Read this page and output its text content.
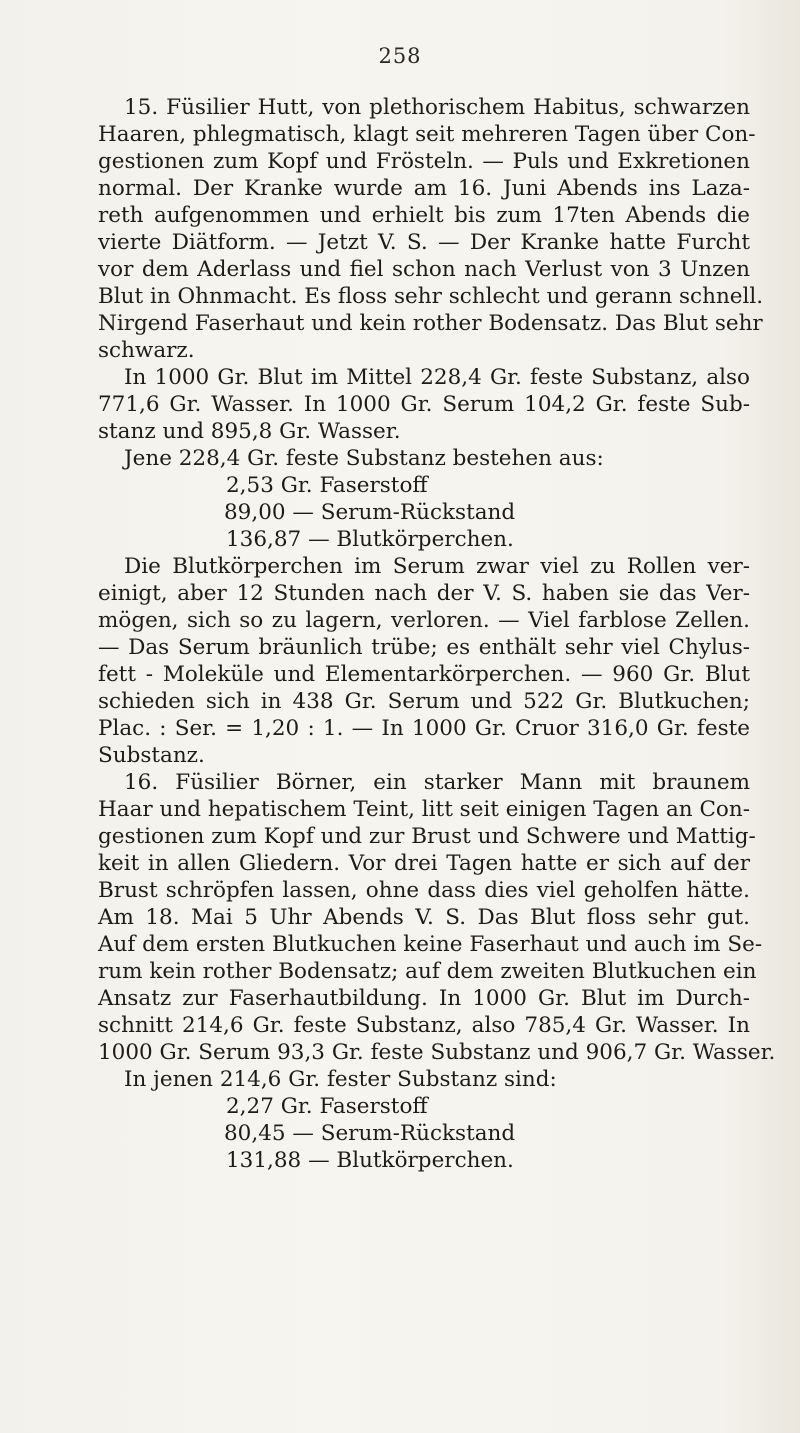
258
15. Füsilier Hutt, von plethorischem Habitus, schwarzen
Haaren, phlegmatisch, klagt seit mehreren Tagen über Con-
gestionen zum Kopf und Frösteln. — Puls und Exkretionen
normal. Der Kranke wurde am 16. Juni Abends ins Laza-
reth aufgenommen und erhielt bis zum 17ten Abends die
vierte Diätform. — Jetzt V. S. — Der Kranke hatte Furcht
vor dem Aderlass und fiel schon nach Verlust von 3 Unzen
Blut in Ohnmacht. Es floss sehr schlecht und gerann schnell.
Nirgend Faserhaut und kein rother Bodensatz. Das Blut sehr
schwarz.
In 1000 Gr. Blut im Mittel 228,4 Gr. feste Substanz, also
771,6 Gr. Wasser. In 1000 Gr. Serum 104,2 Gr. feste Sub-
stanz und 895,8 Gr. Wasser.
Jene 228,4 Gr. feste Substanz bestehen aus:
2,53 Gr. Faserstoff
89,00 — Serum-Rückstand
136,87 — Blutkörperchen.
Die Blutkörperchen im Serum zwar viel zu Rollen ver-
einigt, aber 12 Stunden nach der V. S. haben sie das Ver-
mögen, sich so zu lagern, verloren. — Viel farblose Zellen.
— Das Serum bräunlich trübe; es enthält sehr viel Chylus-
fett - Moleküle und Elementarkörperchen. — 960 Gr. Blut
schieden sich in 438 Gr. Serum und 522 Gr. Blutkuchen;
Plac. : Ser. = 1,20 : 1. — In 1000 Gr. Cruor 316,0 Gr. feste
Substanz.
16. Füsilier Börner, ein starker Mann mit braunem
Haar und hepatischem Teint, litt seit einigen Tagen an Con-
gestionen zum Kopf und zur Brust und Schwere und Mattig-
keit in allen Gliedern. Vor drei Tagen hatte er sich auf der
Brust schröpfen lassen, ohne dass dies viel geholfen hätte.
Am 18. Mai 5 Uhr Abends V. S. Das Blut floss sehr gut.
Auf dem ersten Blutkuchen keine Faserhaut und auch im Se-
rum kein rother Bodensatz; auf dem zweiten Blutkuchen ein
Ansatz zur Faserhautbildung. In 1000 Gr. Blut im Durch-
schnitt 214,6 Gr. feste Substanz, also 785,4 Gr. Wasser. In
1000 Gr. Serum 93,3 Gr. feste Substanz und 906,7 Gr. Wasser.
In jenen 214,6 Gr. fester Substanz sind:
2,27 Gr. Faserstoff
80,45 — Serum-Rückstand
131,88 — Blutkörperchen.
